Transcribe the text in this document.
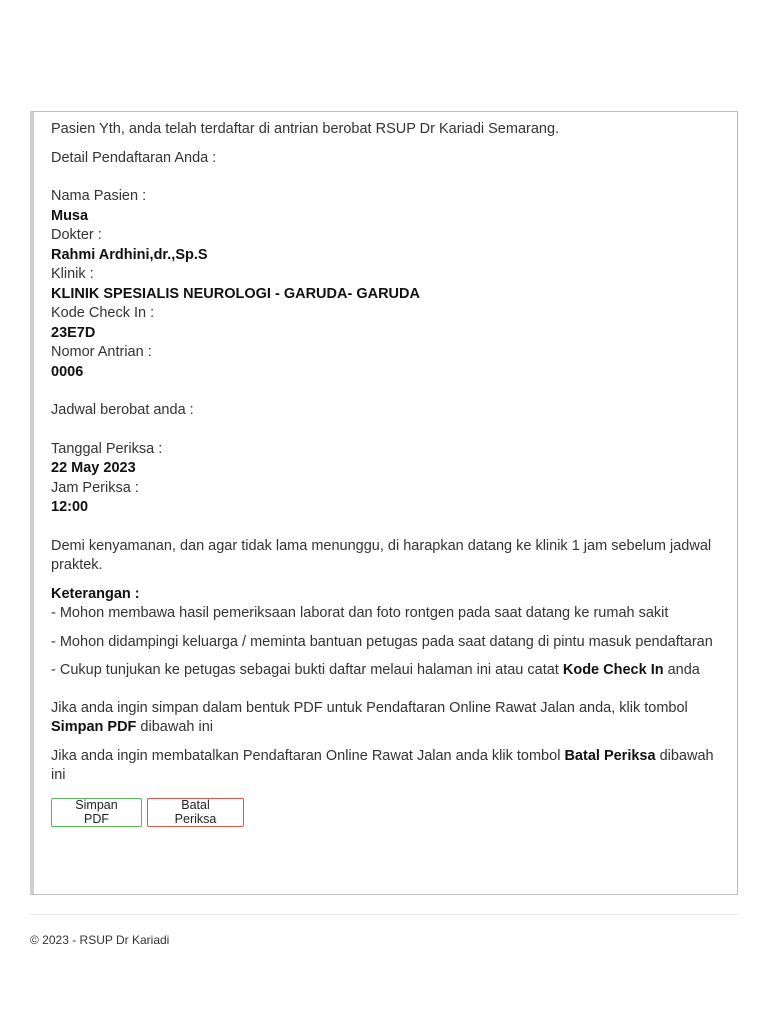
Pasien Yth, anda telah terdaftar di antrian berobat RSUP Dr Kariadi Semarang.

Detail Pendaftaran Anda :

Nama Pasien :

Musa

Dokter :

Rahmi Ardhini,dr.,Sp.S

Klinik :

KLINIK SPESIALIS NEUROLOGI - GARUDA- GARUDA

Kode Check In :

23E7D

Nomor Antrian :

0006

Jadwal berobat anda :

Tanggal Periksa :

22 May 2023

Jam Periksa :

12:00

Demi kenyamanan, dan agar tidak lama menunggu, di harapkan datang ke klinik 1 jam sebelum jadwal praktek.

Keterangan :

- Mohon membawa hasil pemeriksaan laborat dan foto rontgen pada saat datang ke rumah sakit

- Mohon didampingi keluarga / meminta bantuan petugas pada saat datang di pintu masuk pendaftaran

- Cukup tunjukan ke petugas sebagai bukti daftar melaui halaman ini atau catat Kode Check In anda

Jika anda ingin simpan dalam bentuk PDF untuk Pendaftaran Online Rawat Jalan anda, klik tombol Simpan PDF dibawah ini

Jika anda ingin membatalkan Pendaftaran Online Rawat Jalan anda klik tombol Batal Periksa dibawah ini

Simpan PDF
Batal Periksa
© 2023 - RSUP Dr Kariadi
